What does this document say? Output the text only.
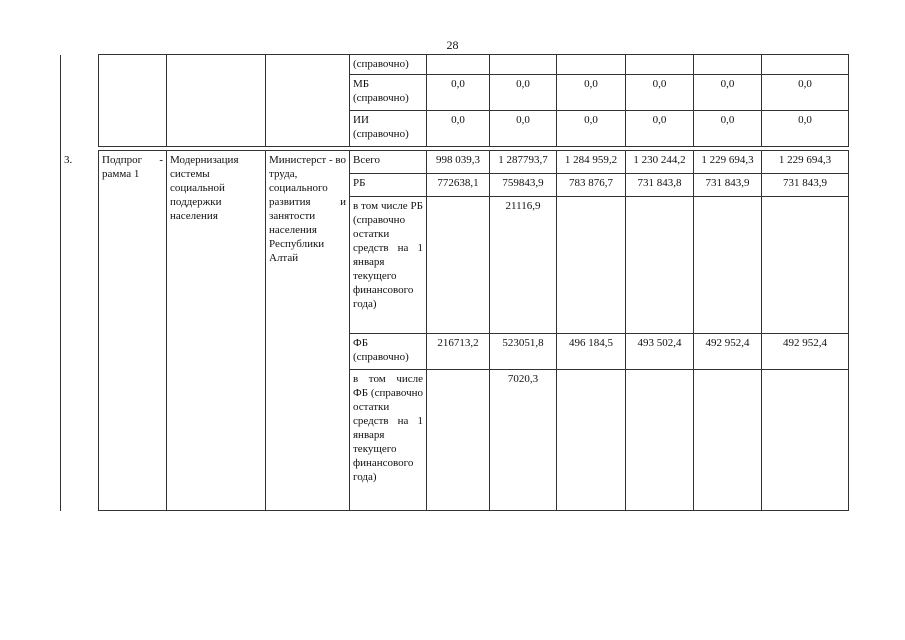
28
				(справочно)						
				МБ (справочно)	0,0	0,0	0,0	0,0	0,0	0,0
				ИИ (справочно)	0,0	0,0	0,0	0,0	0,0	0,0

3.	Подпрог - рамма 1	Модернизация системы социальной поддержки населения	Министерст - во труда, социального развития и занятости населения Республики Алтай	Всего	998 039,3	1 287793,7	1 284 959,2	1 230 244,2	1 229 694,3	1 229 694,3
				РБ	772638,1	759843,9	783 876,7	731 843,8	731 843,9	731 843,9
				в том числе РБ (справочно остатки средств на 1 января текущего финансового года)		21116,9				
				ФБ (справочно)	216713,2	523051,8	496 184,5	493 502,4	492 952,4	492 952,4
				в том числе ФБ (справочно остатки средств на 1 января текущего финансового года)		7020,3				
